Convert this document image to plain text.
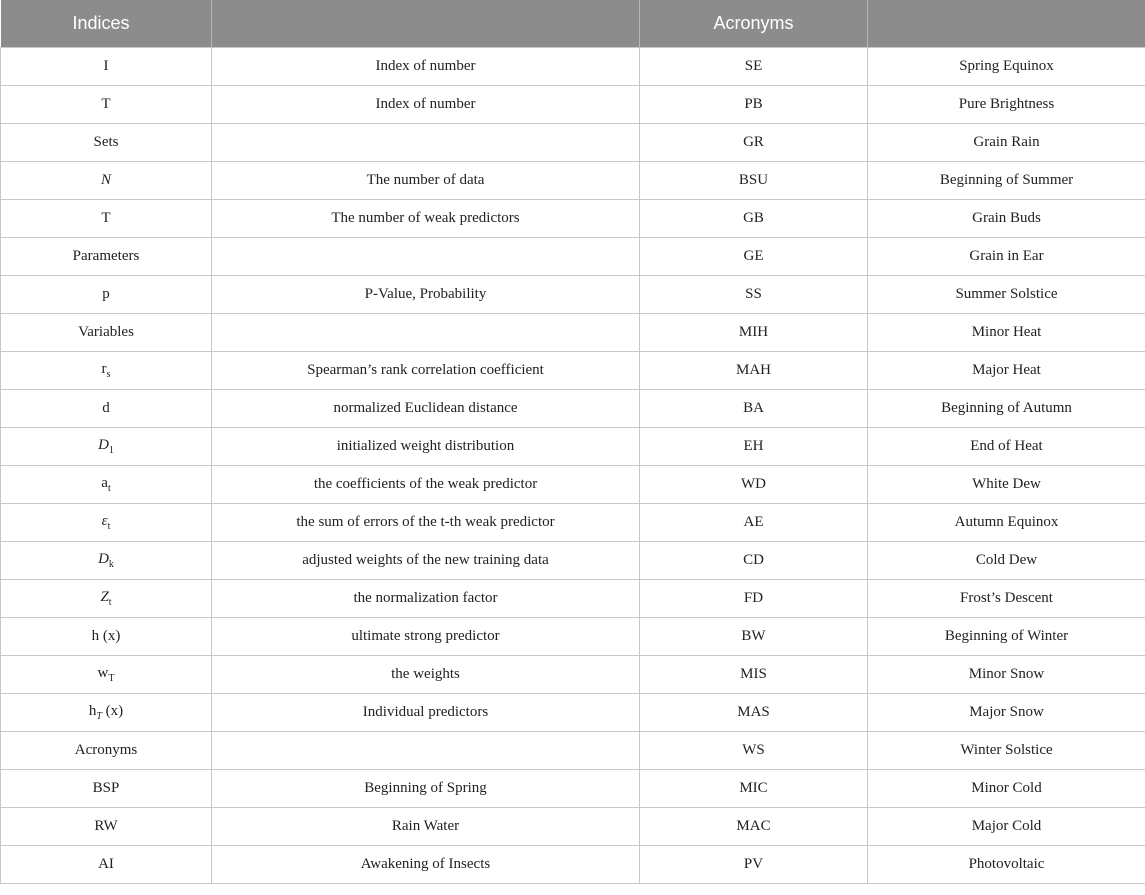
Indices		Acronyms	
I	Index of number	SE	Spring Equinox
T	Index of number	PB	Pure Brightness
Sets		GR	Grain Rain
N	The number of data	BSU	Beginning of Summer
T	The number of weak predictors	GB	Grain Buds
Parameters		GE	Grain in Ear
p	P-Value, Probability	SS	Summer Solstice
Variables		MIH	Minor Heat
$r_s$	Spearman’s rank correlation coefficient	MAH	Major Heat
d	normalized Euclidean distance	BA	Beginning of Autumn
$D_1$	initialized weight distribution	EH	End of Heat
$a_t$	the coefficients of the weak predictor	WD	White Dew
$\varepsilon_t$	the sum of errors of the t-th weak predictor	AE	Autumn Equinox
$D_k$	adjusted weights of the new training data	CD	Cold Dew
$Z_t$	the normalization factor	FD	Frost’s Descent
h (x)	ultimate strong predictor	BW	Beginning of Winter
$w_T$	the weights	MIS	Minor Snow
$h_T$ (x)	Individual predictors	MAS	Major Snow
Acronyms		WS	Winter Solstice
BSP	Beginning of Spring	MIC	Minor Cold
RW	Rain Water	MAC	Major Cold
AI	Awakening of Insects	PV	Photovoltaic
